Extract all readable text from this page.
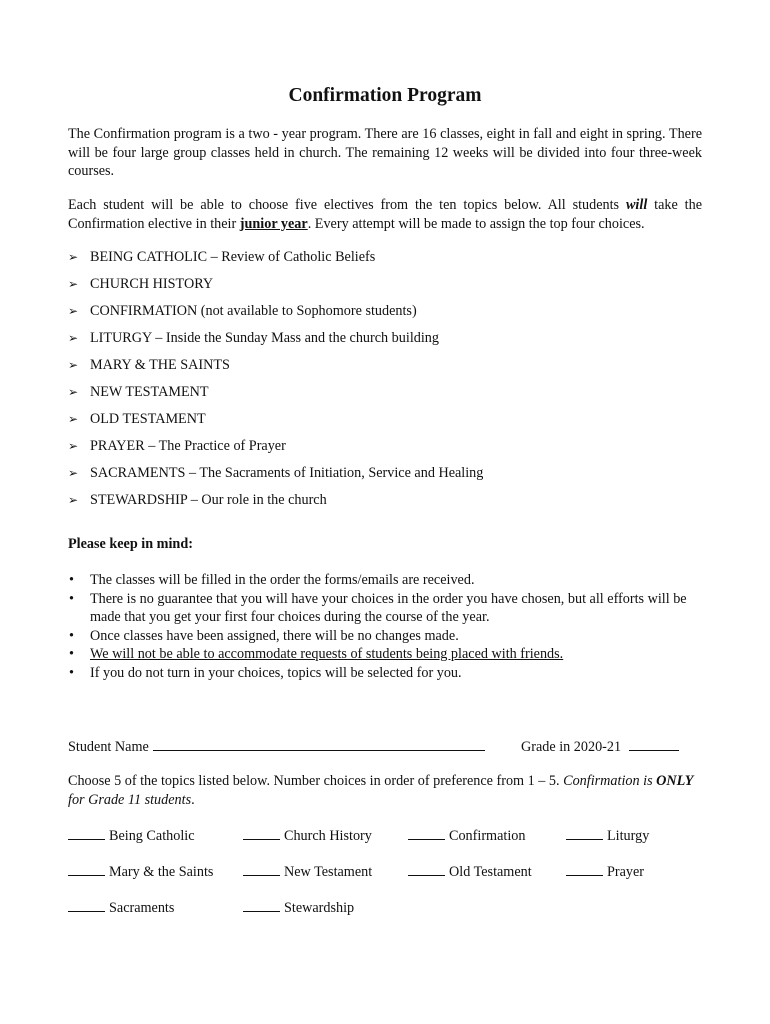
Confirmation Program

The Confirmation program is a two - year program. There are 16 classes, eight in fall and eight in spring. There will be four large group classes held in church. The remaining 12 weeks will be divided into four three-week courses.

Each student will be able to choose five electives from the ten topics below. All students will take the Confirmation elective in their junior year. Every attempt will be made to assign the top four choices.

➢ BEING CATHOLIC – Review of Catholic Beliefs
➢ CHURCH HISTORY
➢ CONFIRMATION (not available to Sophomore students)
➢ LITURGY – Inside the Sunday Mass and the church building
➢ MARY & THE SAINTS
➢ NEW TESTAMENT
➢ OLD TESTAMENT
➢ PRAYER – The Practice of Prayer
➢ SACRAMENTS – The Sacraments of Initiation, Service and Healing
➢ STEWARDSHIP – Our role in the church

Please keep in mind:

• The classes will be filled in the order the forms/emails are received.
• There is no guarantee that you will have your choices in the order you have chosen, but all efforts will be made that you get your first four choices during the course of the year.
• Once classes have been assigned, there will be no changes made.
• We will not be able to accommodate requests of students being placed with friends.
• If you do not turn in your choices, topics will be selected for you.
Student Name	Grade in 2020-21

Choose 5 of the topics listed below. Number choices in order of preference from 1 – 5. Confirmation is ONLY for Grade 11 students.

Being Catholic	Church History	Confirmation	Liturgy
Mary & the Saints	New Testament	Old Testament	Prayer
Sacraments	Stewardship
